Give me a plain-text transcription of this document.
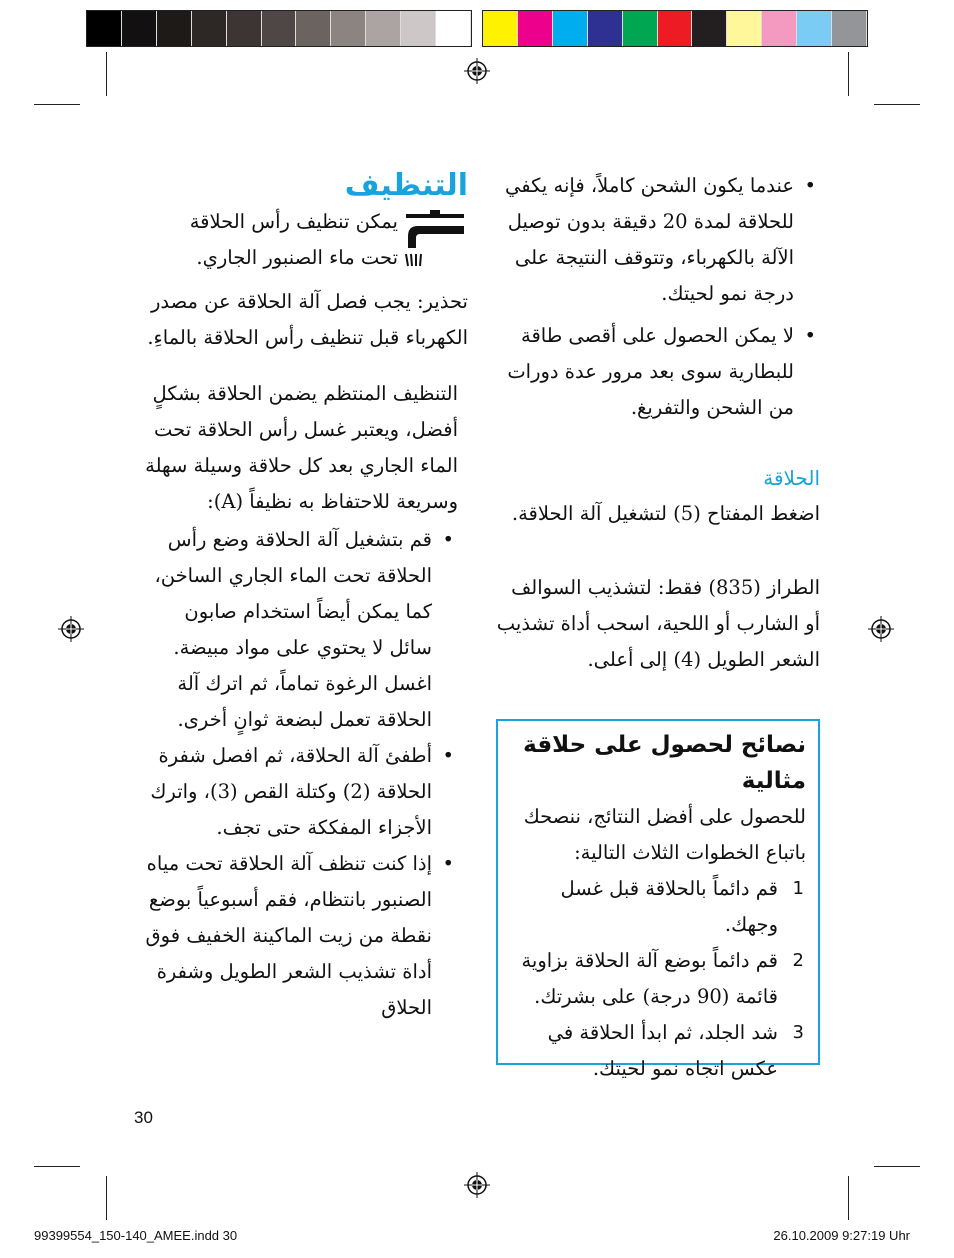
• عندما يكون الشحن كاملاً، فإنه يكفي للحلاقة لمدة 20 دقيقة بدون توصيل الآلة بالكهرباء، وتتوقف النتيجة على درجة نمو لحيتك.
• لا يمكن الحصول على أقصى طاقة للبطارية سوى بعد مرور عدة دورات من الشحن والتفريغ.

الحلاقة

اضغط المفتاح (5) لتشغيل آلة الحلاقة.

الطراز (835) فقط: لتشذيب السوالف أو الشارب أو اللحية، اسحب أداة تشذيب الشعر الطويل (4) إلى أعلى.

نصائح لحصول على حلاقة مثالية

للحصول على أفضل النتائج، ننصحك باتباع الخطوات الثلاث التالية:

1
قم دائماً بالحلاقة قبل غسل وجهك.
2
قم دائماً بوضع آلة الحلاقة بزاوية قائمة (90 درجة) على بشرتك.
3
شد الجلد، ثم ابدأ الحلاقة في عكس اتجاه نمو لحيتك.
التنظيف

يمكن تنظيف رأس الحلاقة

تحت ماء الصنبور الجاري.

تحذير: يجب فصل آلة الحلاقة عن مصدر الكهرباء قبل تنظيف رأس الحلاقة بالماءِ.

التنظيف المنتظم يضمن الحلاقة بشكلٍ أفضل، ويعتبر غسل رأس الحلاقة تحت الماء الجاري بعد كل حلاقة وسيلة سهلة وسريعة للاحتفاظ به نظيفاً (A):

• قم بتشغيل آلة الحلاقة وضع رأس الحلاقة تحت الماء الجاري الساخن، كما يمكن أيضاً استخدام صابون سائل لا يحتوي على مواد مبيضة. اغسل الرغوة تماماً، ثم اترك آلة الحلاقة تعمل لبضعة ثوانٍ أخرى.
• أطفئ آلة الحلاقة، ثم افصل شفرة الحلاقة (2) وكتلة القص (3)، واترك الأجزاء المفككة حتى تجف.
• إذا كنت تنظف آلة الحلاقة تحت مياه الصنبور بانتظام، فقم أسبوعياً بوضع نقطة من زيت الماكينة الخفيف فوق أداة تشذيب الشعر الطويل وشفرة الحلاق
30
99399554_150-140_AMEE.indd 30	26.10.2009 9:27:19 Uhr
